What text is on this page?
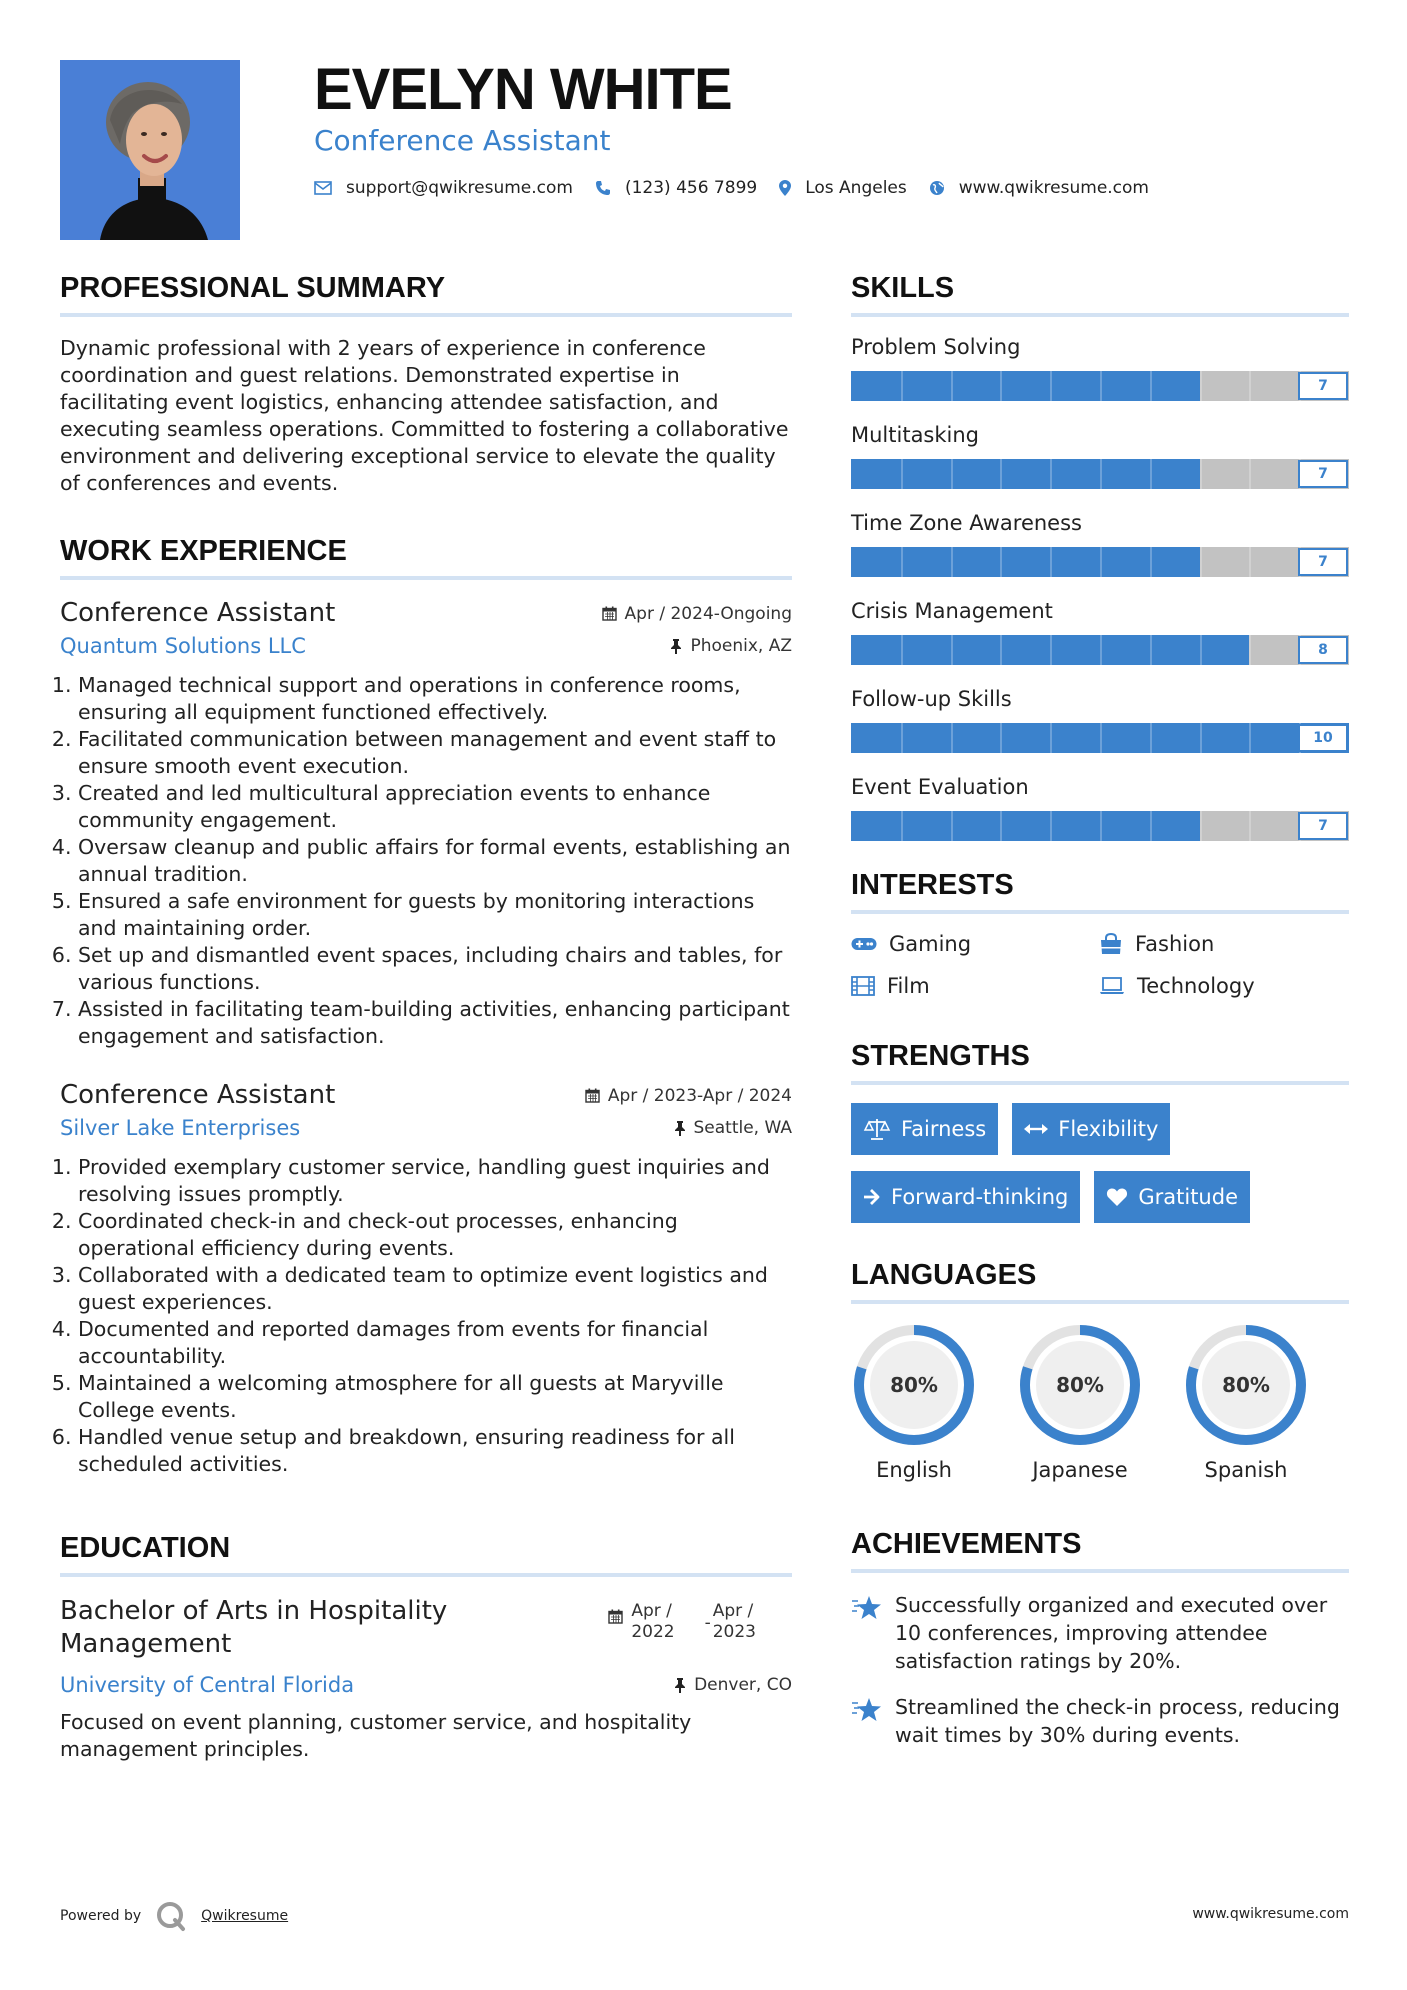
EVELYN WHITE
Conference Assistant
support@qwikresume.com	(123) 456 7899	Los Angeles	www.qwikresume.com
PROFESSIONAL SUMMARY

Dynamic professional with 2 years of experience in conference coordination and guest relations. Demonstrated expertise in facilitating event logistics, enhancing attendee satisfaction, and executing seamless operations. Committed to fostering a collaborative environment and delivering exceptional service to elevate the quality of conferences and events.

WORK EXPERIENCE
Conference Assistant	Apr / 2024-Ongoing
Quantum Solutions LLC	Phoenix, AZ
1. Managed technical support and operations in conference rooms, ensuring all equipment functioned effectively.
2. Facilitated communication between management and event staff to ensure smooth event execution.
3. Created and led multicultural appreciation events to enhance community engagement.
4. Oversaw cleanup and public affairs for formal events, establishing an annual tradition.
5. Ensured a safe environment for guests by monitoring interactions and maintaining order.
6. Set up and dismantled event spaces, including chairs and tables, for various functions.
7. Assisted in facilitating team-building activities, enhancing participant engagement and satisfaction.
Conference Assistant	Apr / 2023-Apr / 2024
Silver Lake Enterprises	Seattle, WA
1. Provided exemplary customer service, handling guest inquiries and resolving issues promptly.
2. Coordinated check-in and check-out processes, enhancing operational efficiency during events.
3. Collaborated with a dedicated team to optimize event logistics and guest experiences.
4. Documented and reported damages from events for financial accountability.
5. Maintained a welcoming atmosphere for all guests at Maryville College events.
6. Handled venue setup and breakdown, ensuring readiness for all scheduled activities.
EDUCATION
Bachelor of Arts in Hospitality Management
Apr /
2022 -
Apr /
2023
University of Central Florida	Denver, CO

Focused on event planning, customer service, and hospitality management principles.

SKILLS
Problem Solving
7
Multitasking
7
Time Zone Awareness
7
Crisis Management
8
Follow-up Skills
10
Event Evaluation
7
INTERESTS
Gaming	Fashion
Film	Technology
STRENGTHS
Fairness	Flexibility
Forward-thinking	Gratitude
LANGUAGES
80%
English
80%
Japanese
80%
Spanish
ACHIEVEMENTS
Successfully organized and executed over 10 conferences, improving attendee satisfaction ratings by 20%.
Streamlined the check-in process, reducing wait times by 30% during events.
Powered by	Qwikresume	www.qwikresume.com
